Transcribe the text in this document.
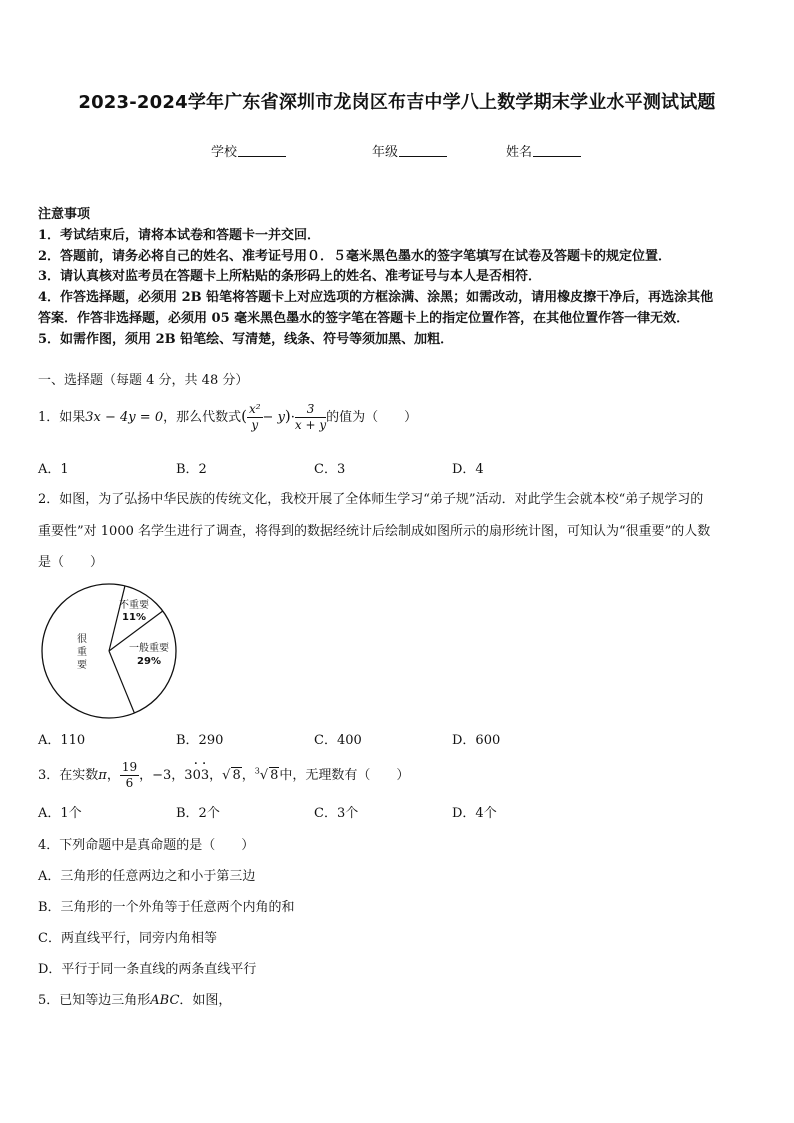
2023-2024学年广东省深圳市龙岗区布吉中学八上数学期末学业水平测试试题
学校	年级	姓名
注意事项
1．考试结束后，请将本试卷和答题卡一并交回．
2．答题前，请务必将自己的姓名、准考证号用０．５毫米黑色墨水的签字笔填写在试卷及答题卡的规定位置．
3．请认真核对监考员在答题卡上所粘贴的条形码上的姓名、准考证号与本人是否相符．
4．作答选择题，必须用 2B 铅笔将答题卡上对应选项的方框涂满、涂黑；如需改动，请用橡皮擦干净后，再选涂其他
答案．作答非选择题，必须用 05 毫米黑色墨水的签字笔在答题卡上的指定位置作答，在其他位置作答一律无效．
5．如需作图，须用 2B 铅笔绘、写清楚，线条、符号等须加黑、加粗．
一、选择题（每题 4 分，共 48 分）
1．如果3x − 4y = 0，那么代数式( $\frac{\text{x²}}{y} - y)\cdot \frac{3}{x + y}$ 的值为（　　）
A．1	B．2	C．3	D．4
2．如图，为了弘扬中华民族的传统文化，我校开展了全体师生学习“弟子规”活动．对此学生会就本校“弟子规学习的
重要性”对 1000 名学生进行了调查，将得到的数据经统计后绘制成如图所示的扇形统计图，可知认为“很重要”的人数
是（　　）
不重要
11%
一般重要
29%
很
重
要
A．110	B．290	C．400	D．600
3．在实数π， $\frac{19}{6}$ ，−3，3· 0· 3，√ 8，$^3$√ 8中，无理数有（　　）
A．1个	B．2个	C．3个	D．4个
4．下列命题中是真命题的是（　　）
A．三角形的任意两边之和小于第三边
B．三角形的一个外角等于任意两个内角的和
C．两直线平行，同旁内角相等
D．平行于同一条直线的两条直线平行
5．已知等边三角形ABC．如图，
